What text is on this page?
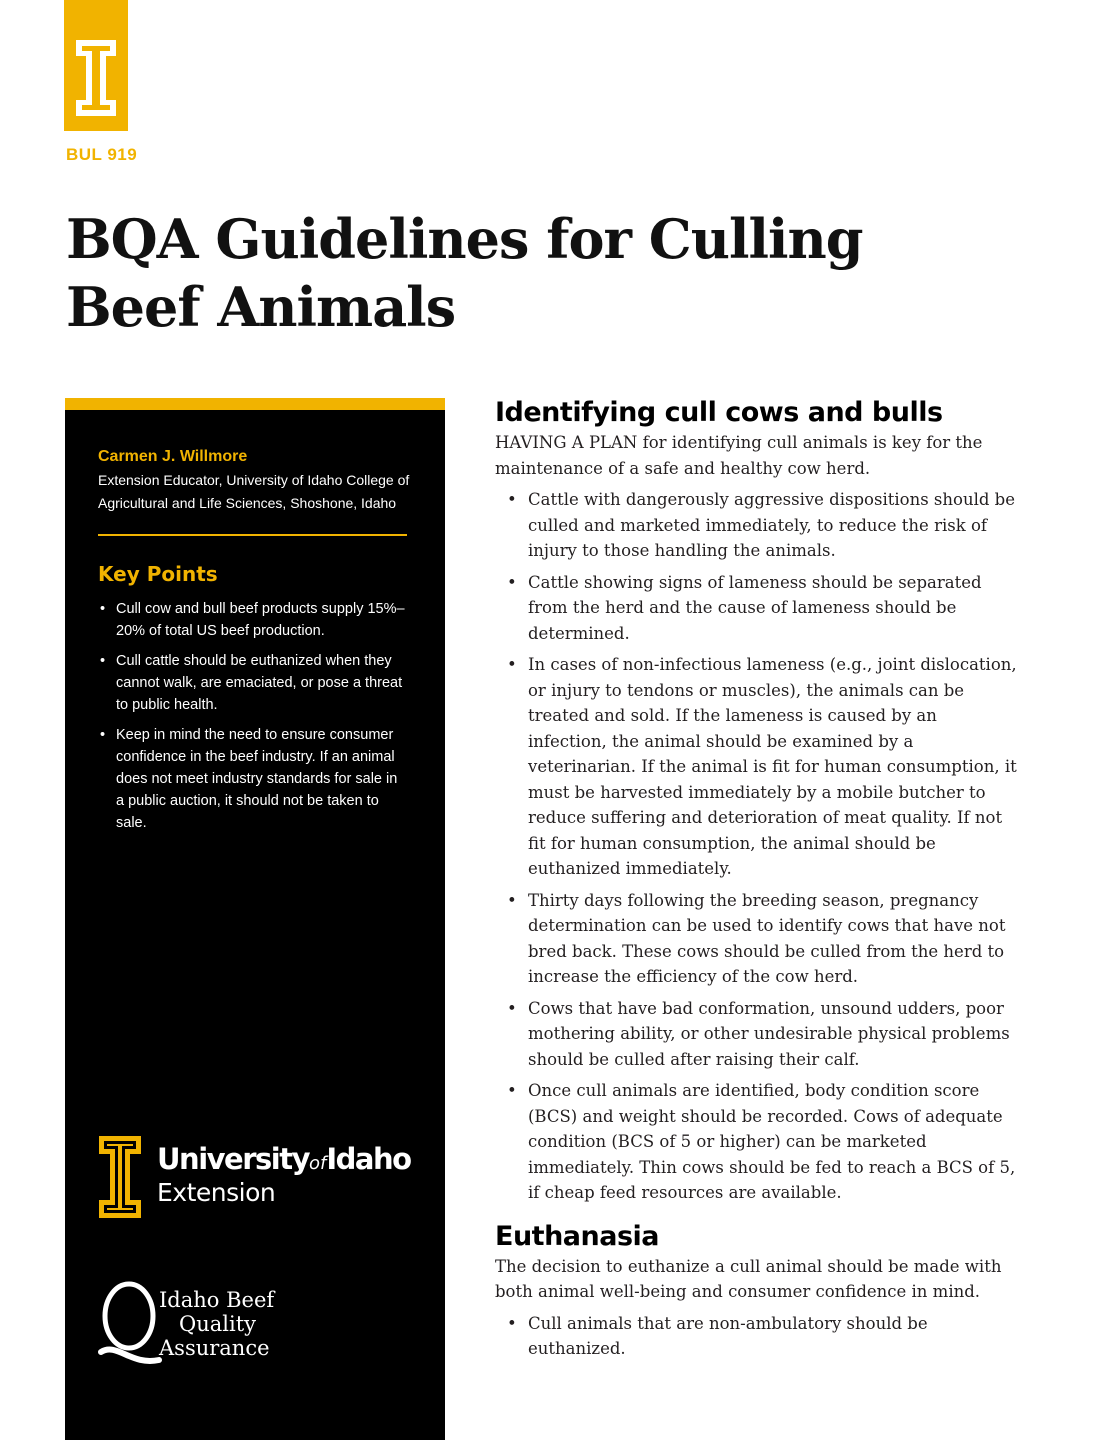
BUL 919
BQA Guidelines for Culling
Beef Animals
Carmen J. Willmore
Extension Educator, University of Idaho College of Agricultural and Life Sciences, Shoshone, Idaho
Key Points
• Cull cow and bull beef products supply 15%–20% of total US beef production.
• Cull cattle should be euthanized when they cannot walk, are emaciated, or pose a threat to public health.
• Keep in mind the need to ensure consumer confidence in the beef industry. If an animal does not meet industry standards for sale in a public auction, it should not be taken to sale.
UniversityofIdaho
Extension
Idaho Beef
Quality
Assurance
Identifying cull cows and bulls

HAVING A PLAN for identifying cull animals is key for the maintenance of a safe and healthy cow herd.

• Cattle with dangerously aggressive dispositions should be culled and marketed immediately, to reduce the risk of injury to those handling the animals.
• Cattle showing signs of lameness should be separated from the herd and the cause of lameness should be determined.
• In cases of non-infectious lameness (e.g., joint dislocation, or injury to tendons or muscles), the animals can be treated and sold. If the lameness is caused by an infection, the animal should be examined by a veterinarian. If the animal is fit for human consumption, it must be harvested immediately by a mobile butcher to reduce suffering and deterioration of meat quality. If not fit for human consumption, the animal should be euthanized immediately.
• Thirty days following the breeding season, pregnancy determination can be used to identify cows that have not bred back. These cows should be culled from the herd to increase the efficiency of the cow herd.
• Cows that have bad conformation, unsound udders, poor mothering ability, or other undesirable physical problems should be culled after raising their calf.
• Once cull animals are identified, body condition score (BCS) and weight should be recorded. Cows of adequate condition (BCS of 5 or higher) can be marketed immediately. Thin cows should be fed to reach a BCS of 5, if cheap feed resources are available.
Euthanasia

The decision to euthanize a cull animal should be made with both animal well-being and consumer confidence in mind.

• Cull animals that are non-ambulatory should be euthanized.
